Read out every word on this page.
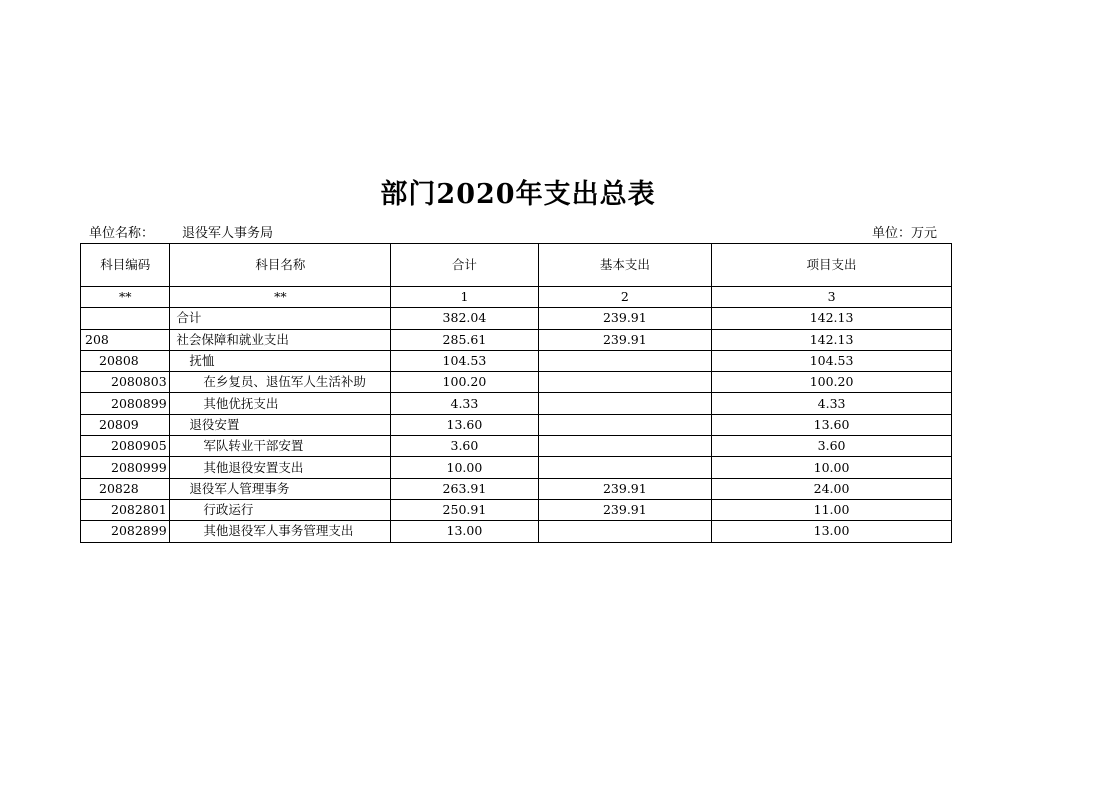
部门2020年支出总表
单位名称： 退役军人事务局	单位：万元
科目编码	科目名称	合计	基本支出	项目支出
**	**	1	2	3
	合计	382.04	239.91	142.13
208	社会保障和就业支出	285.61	239.91	142.13
20808	抚恤	104.53		104.53
2080803	在乡复员、退伍军人生活补助	100.20		100.20
2080899	其他优抚支出	4.33		4.33
20809	退役安置	13.60		13.60
2080905	军队转业干部安置	3.60		3.60
2080999	其他退役安置支出	10.00		10.00
20828	退役军人管理事务	263.91	239.91	24.00
2082801	行政运行	250.91	239.91	11.00
2082899	其他退役军人事务管理支出	13.00		13.00
